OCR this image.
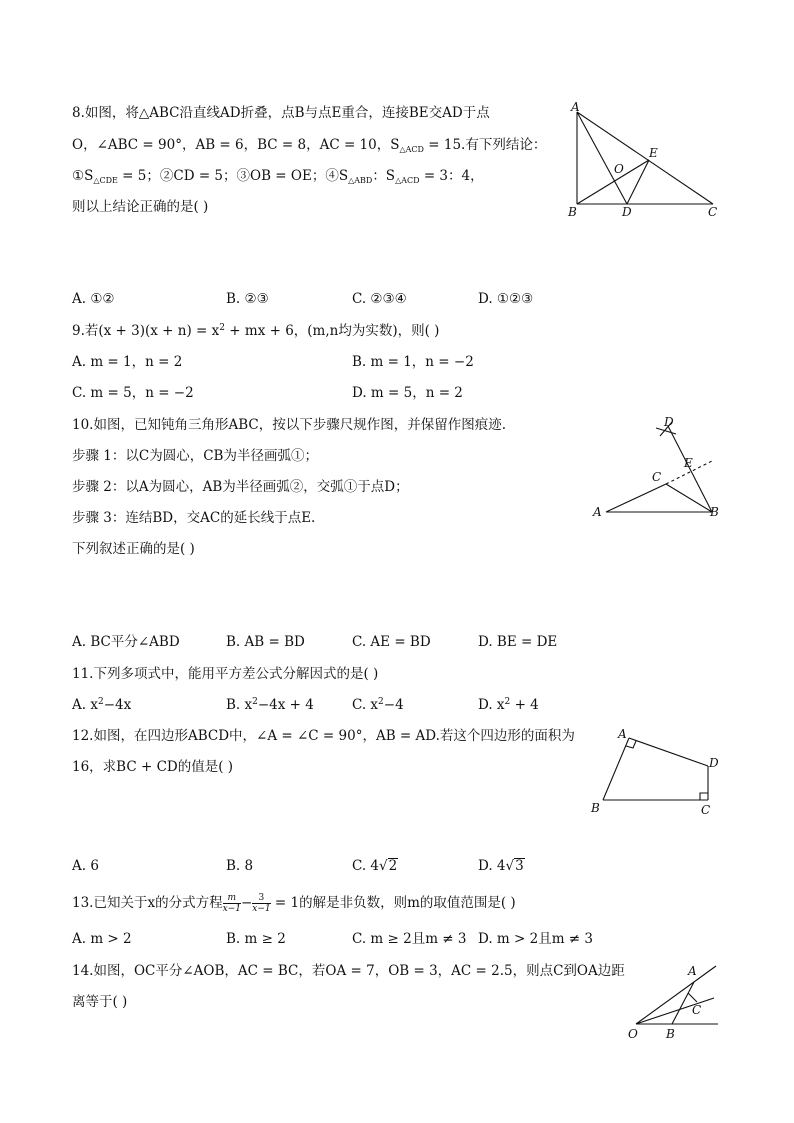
8.如图，将△ABC沿直线AD折叠，点B与点E重合，连接BE交AD于点
O，∠ABC = 90°，AB = 6，BC = 8，AC = 10，$S_{\triangle ACD} = 15$.有下列结论：
$①S_{\triangle CDE} = 5$；②CD = 5；③OB = OE；$④S_{\triangle ABD}$：$S_{\triangle ACD} = 3$：4，
则以上结论正确的是( )
A
O
E
B	D	C
A. ①②	B. ②③	C. ②③④	D. ①②③
9.若$(x + 3)(x + n) = x^2$ + mx + 6，(m,n均为实数)，则( )
A. m = 1，n = 2	B. m = 1，n = −2
C. m = 5，n = −2	D. m = 5，n = 2
10.如图，已知钝角三角形ABC，按以下步骤尺规作图，并保留作图痕迹.
步骤 1：以C为圆心，CB为半径画弧①；
步骤 2：以A为圆心，AB为半径画弧②，交弧①于点D；
步骤 3：连结BD，交AC的延长线于点E.
下列叙述正确的是( )
D
E
C
A	B
A. BC平分∠ABD	B. AB = BD	C. AE = BD	D. BE = DE
11.下列多项式中，能用平方差公式分解因式的是( )
A. $x^2-4x$	B. $x^2-4x + 4$	C. $x^2-4$	D. $x^2 + 4$
12.如图，在四边形ABCD中，∠A = ∠C = 90°，AB = AD.若这个四边形的面积为
16，求BC + CD的值是( )
A
D
B	C
A. 6	B. 8	C. 4√2	D. 4√3
13.已知关于x的分式方程 $\frac{m}{x-1} - \frac{3}{x-1} = 1$的解是非负数，则m的取值范围是( )
A. m > 2	B. m ≥ 2	C. m ≥ 2且m ≠ 3 D. m > 2且m ≠ 3
14.如图，OC平分∠AOB，AC = BC，若OA = 7，OB = 3，AC = 2.5，则点C到OA边距
离等于( )
A
C
O B
